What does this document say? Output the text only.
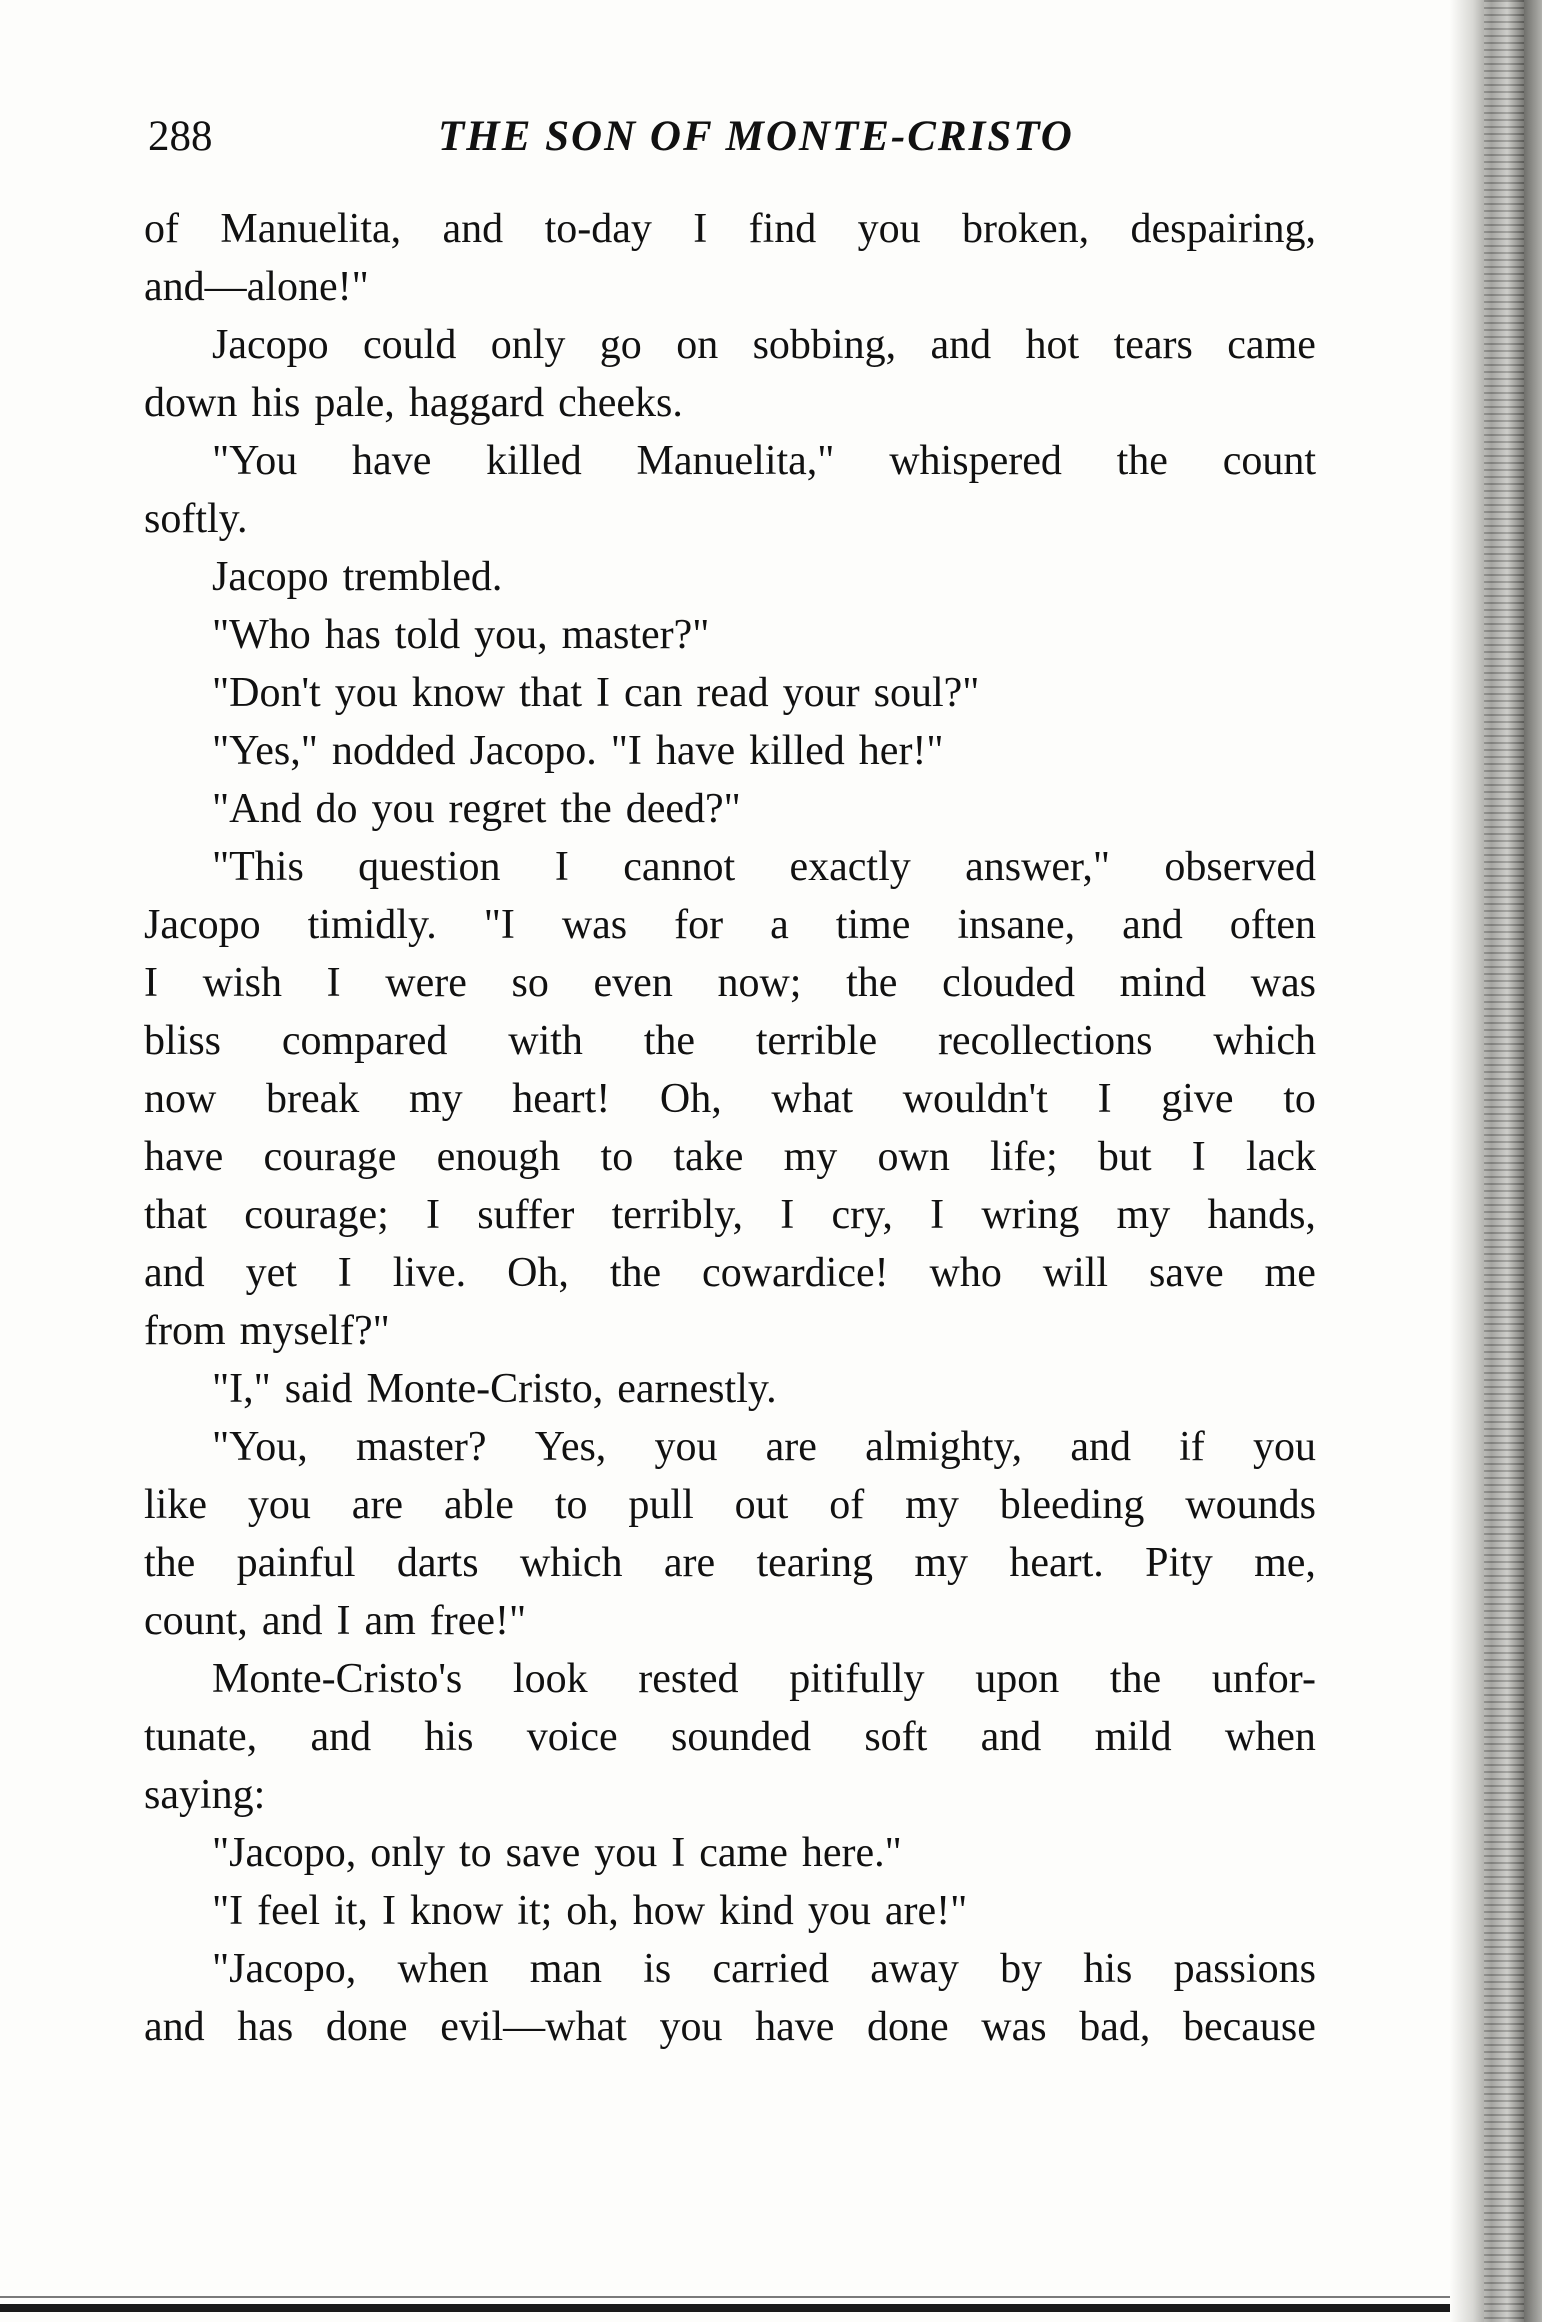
288	THE SON OF MONTE-CRISTO
of Manuelita, and to-day I find you broken, despairing,
and—alone!"
Jacopo could only go on sobbing, and hot tears came
down his pale, haggard cheeks.
"You have killed Manuelita," whispered the count
softly.
Jacopo trembled.
"Who has told you, master?"
"Don't you know that I can read your soul?"
"Yes," nodded Jacopo. "I have killed her!"
"And do you regret the deed?"
"This question I cannot exactly answer," observed
Jacopo timidly. "I was for a time insane, and often
I wish I were so even now; the clouded mind was
bliss compared with the terrible recollections which
now break my heart! Oh, what wouldn't I give to
have courage enough to take my own life; but I lack
that courage; I suffer terribly, I cry, I wring my hands,
and yet I live. Oh, the cowardice! who will save me
from myself?"
"I," said Monte-Cristo, earnestly.
"You, master? Yes, you are almighty, and if you
like you are able to pull out of my bleeding wounds
the painful darts which are tearing my heart. Pity me,
count, and I am free!"
Monte-Cristo's look rested pitifully upon the unfor-
tunate, and his voice sounded soft and mild when
saying:
"Jacopo, only to save you I came here."
"I feel it, I know it; oh, how kind you are!"
"Jacopo, when man is carried away by his passions
and has done evil—what you have done was bad, because
